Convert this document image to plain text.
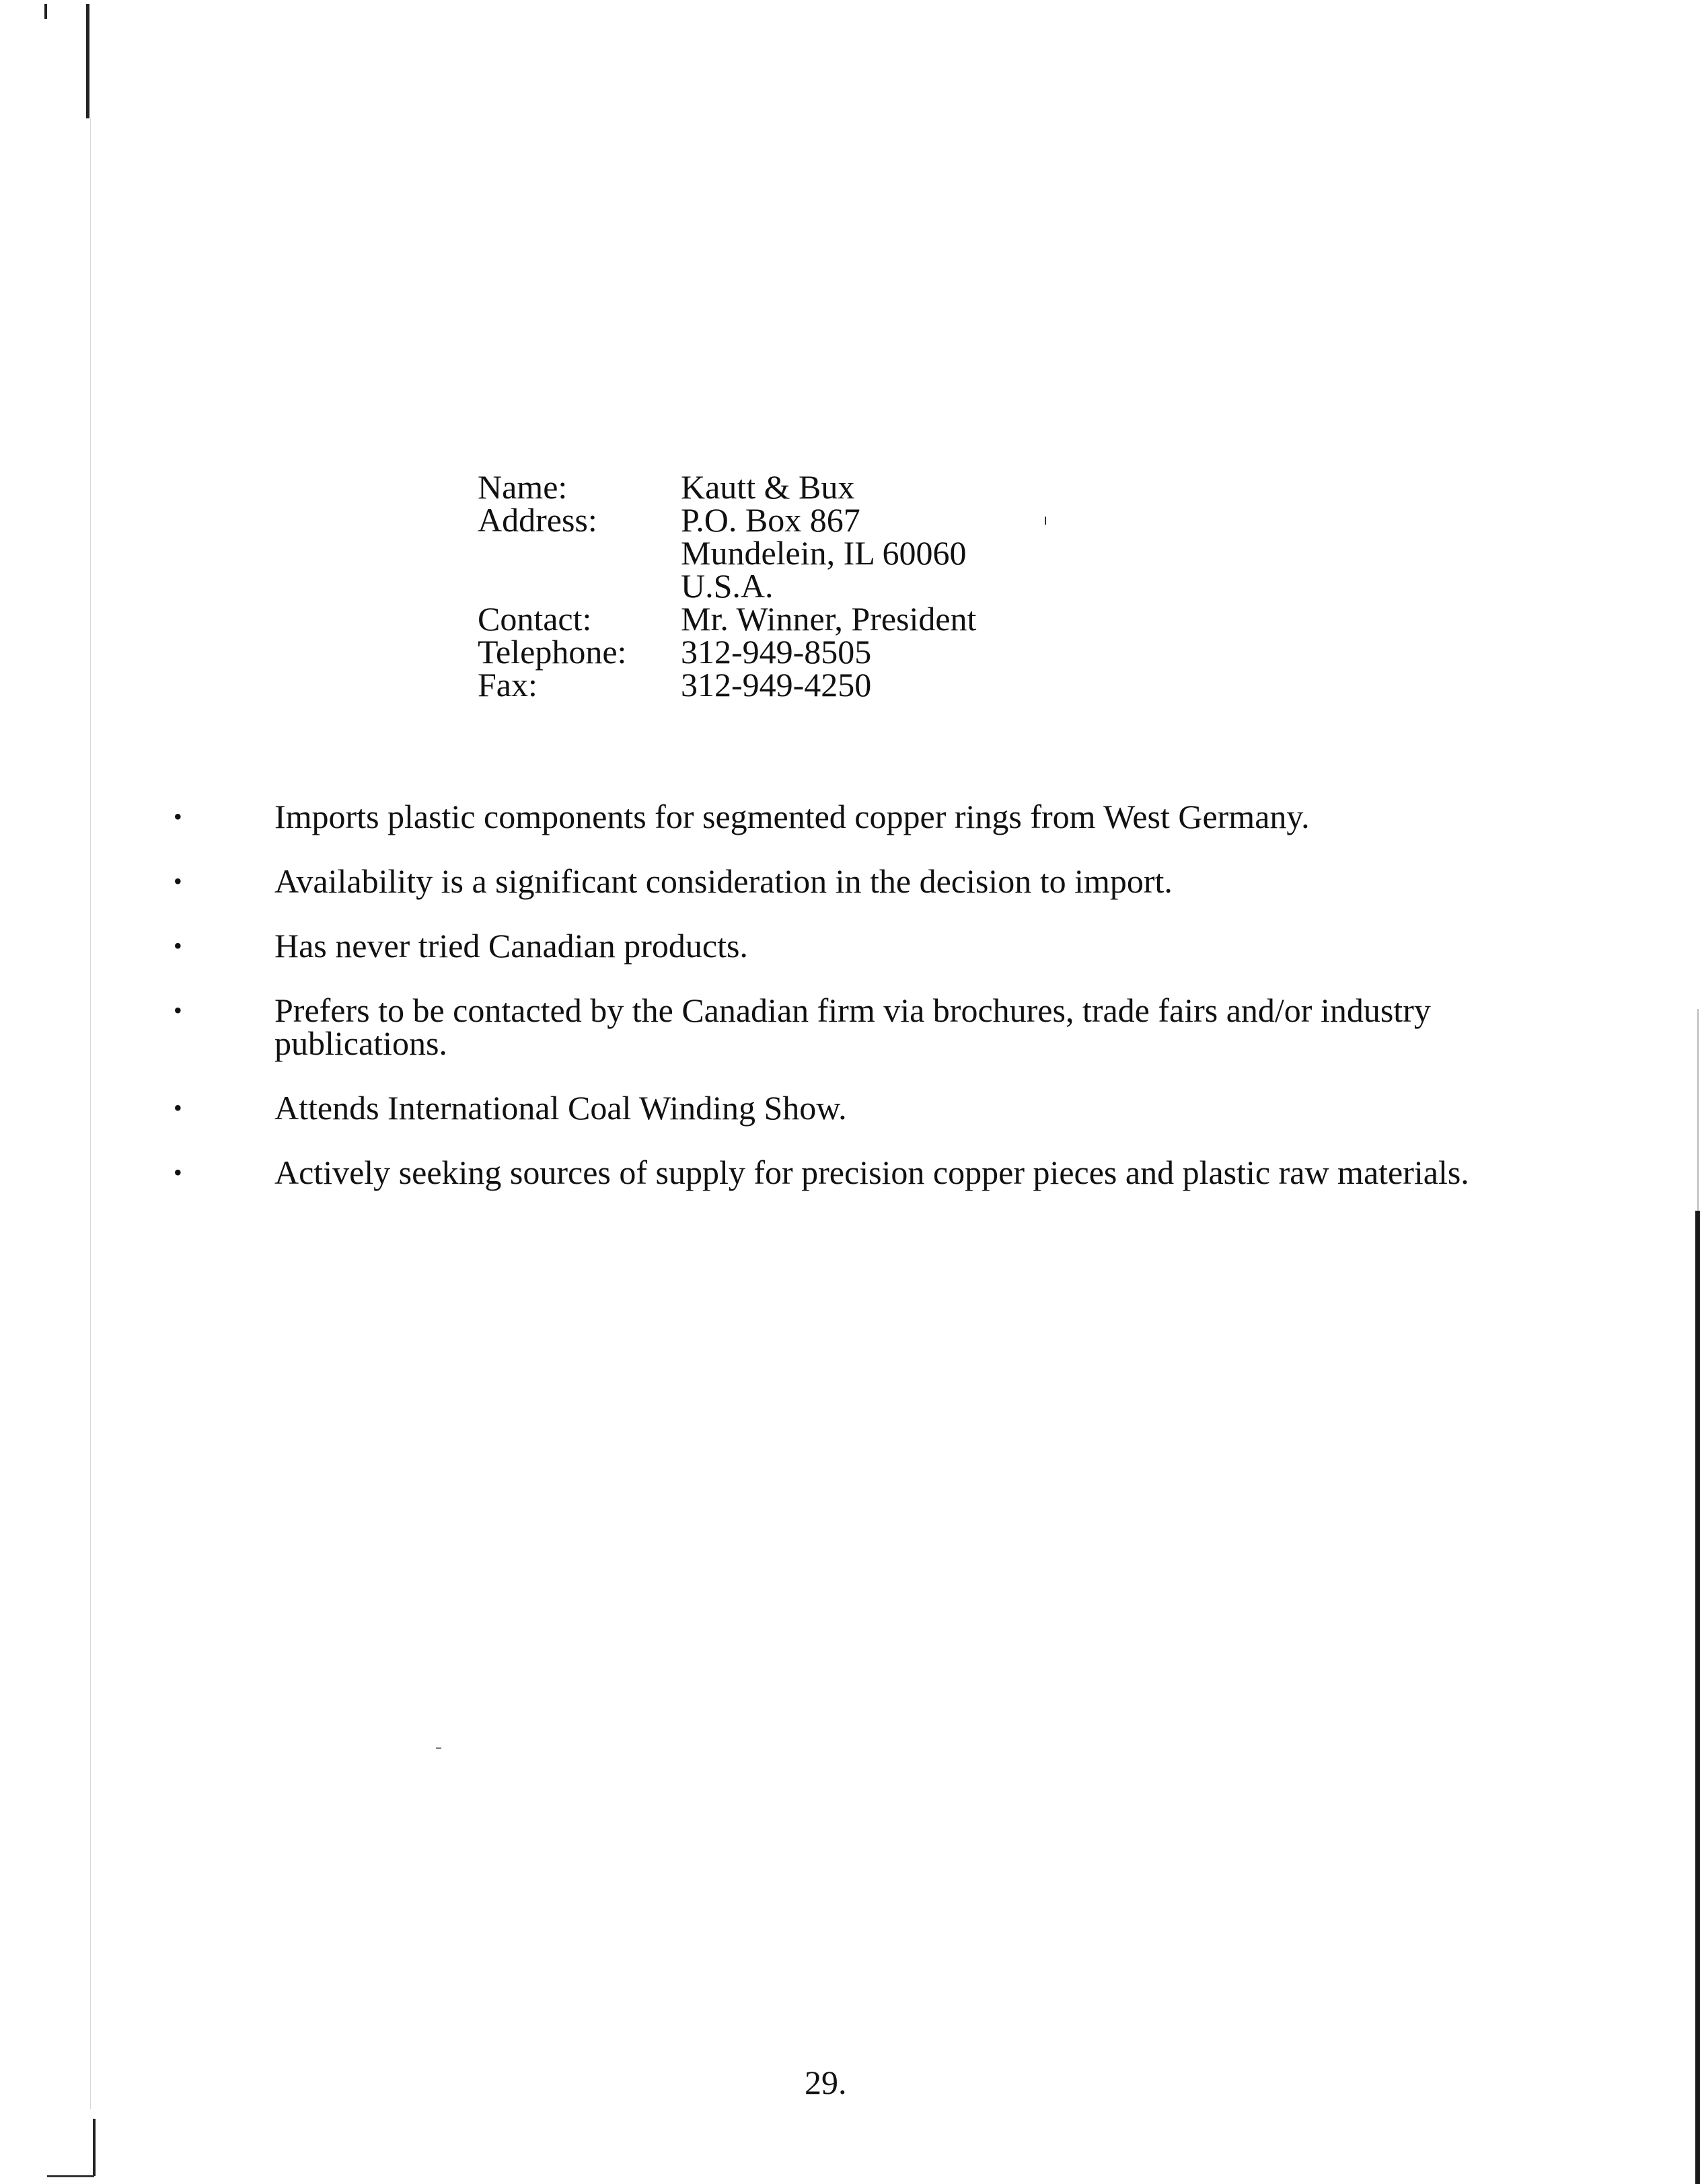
Name:	Kautt & Bux
Address:	P.O. Box 867
Mundelein, IL 60060
U.S.A.
Contact:	Mr. Winner, President
Telephone:	312-949-8505
Fax:	312-949-4250
•	Imports plastic components for segmented copper rings from West Germany.
•	Availability is a significant consideration in the decision to import.
•	Has never tried Canadian products.
•	Prefers to be contacted by the Canadian firm via brochures, trade fairs and/or industry publications.
•	Attends International Coal Winding Show.
•	Actively seeking sources of supply for precision copper pieces and plastic raw materials.
29.
